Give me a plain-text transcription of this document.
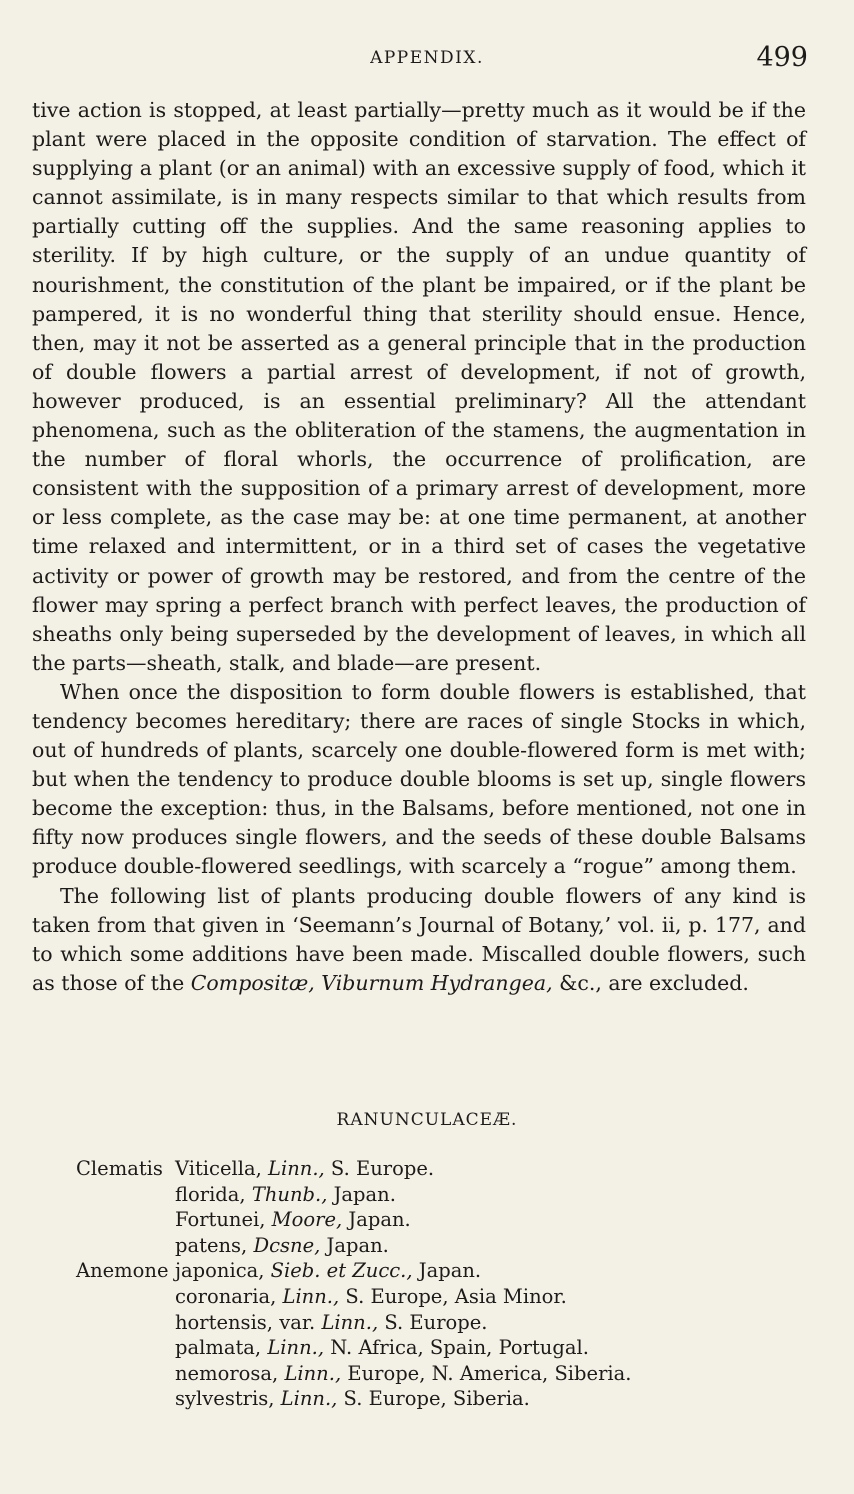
APPENDIX.	499

tive action is stopped, at least partially—pretty much as it would be if the plant were placed in the opposite condition of starvation. The effect of supplying a plant (or an animal) with an excessive supply of food, which it cannot assimilate, is in many respects similar to that which results from partially cutting off the supplies. And the same reasoning applies to sterility. If by high culture, or the supply of an undue quantity of nourishment, the constitution of the plant be impaired, or if the plant be pampered, it is no wonderful thing that sterility should ensue. Hence, then, may it not be asserted as a general principle that in the production of double flowers a partial arrest of development, if not of growth, however produced, is an essential preliminary? All the attendant phenomena, such as the obliteration of the stamens, the augmentation in the number of floral whorls, the occurrence of prolification, are consistent with the supposition of a primary arrest of development, more or less complete, as the case may be: at one time permanent, at another time relaxed and intermittent, or in a third set of cases the vegetative activity or power of growth may be restored, and from the centre of the flower may spring a perfect branch with perfect leaves, the production of sheaths only being superseded by the development of leaves, in which all the parts—sheath, stalk, and blade—are present.

When once the disposition to form double flowers is established, that tendency becomes hereditary; there are races of single Stocks in which, out of hundreds of plants, scarcely one double-flowered form is met with; but when the tendency to produce double blooms is set up, single flowers become the exception: thus, in the Balsams, before mentioned, not one in fifty now produces single flowers, and the seeds of these double Balsams produce double-flowered seedlings, with scarcely a “rogue” among them.

The following list of plants producing double flowers of any kind is taken from that given in ‘Seemann’s Journal of Botany,’ vol. ii, p. 177, and to which some additions have been made. Miscalled double flowers, such as those of the Compositæ, Viburnum Hydrangea, &c., are excluded.

RANUNCULACEÆ.
Clematis Viticella, Linn., S. Europe.
florida, Thunb., Japan.
Fortunei, Moore, Japan.
patens, Dcsne, Japan.
Anemone japonica, Sieb. et Zucc., Japan.
coronaria, Linn., S. Europe, Asia Minor.
hortensis, var. Linn., S. Europe.
palmata, Linn., N. Africa, Spain, Portugal.
nemorosa, Linn., Europe, N. America, Siberia.
sylvestris, Linn., S. Europe, Siberia.
